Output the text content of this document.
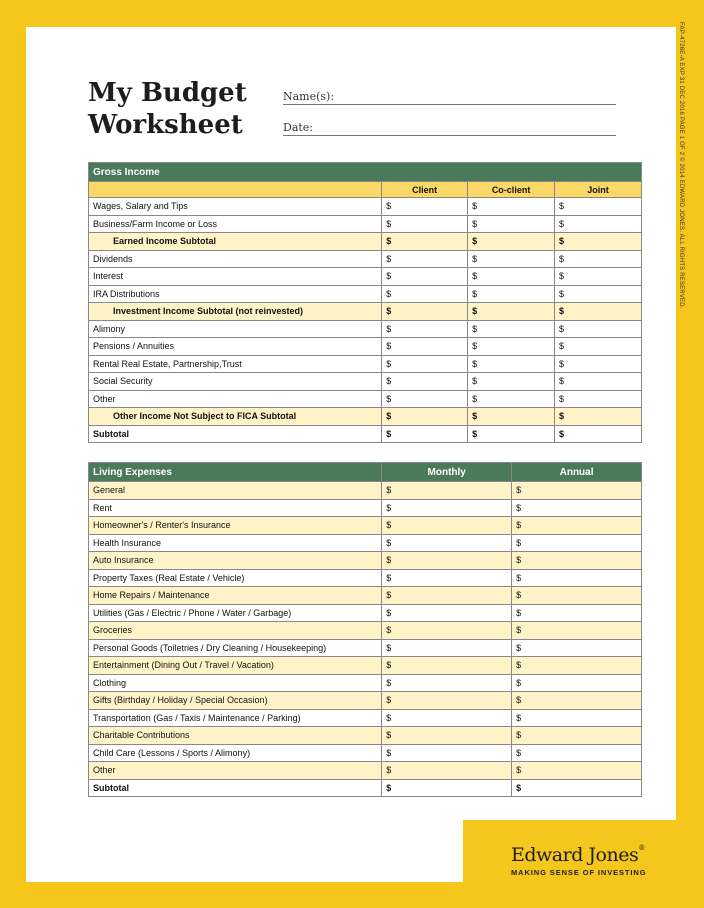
My Budget
Worksheet
Name(s):
Date:
Gross Income			
	Client	Co-client	Joint
Wages, Salary and Tips	$	$	$
Business/Farm Income or Loss	$	$	$
Earned Income Subtotal	$	$	$
Dividends	$	$	$
Interest	$	$	$
IRA Distributions	$	$	$
Investment Income Subtotal (not reinvested)	$	$	$
Alimony	$	$	$
Pensions / Annuities	$	$	$
Rental Real Estate, Partnership,Trust	$	$	$
Social Security	$	$	$
Other	$	$	$
Other Income Not Subject to FICA Subtotal	$	$	$
Subtotal	$	$	$
Living Expenses	Monthly	Annual
General	$	$
Rent	$	$
Homeowner's / Renter's Insurance	$	$
Health Insurance	$	$
Auto Insurance	$	$
Property Taxes (Real Estate / Vehicle)	$	$
Home Repairs / Maintenance	$	$
Utilities (Gas / Electric / Phone / Water / Garbage)	$	$
Groceries	$	$
Personal Goods (Toiletries / Dry Cleaning / Housekeeping)	$	$
Entertainment (Dining Out / Travel / Vacation)	$	$
Clothing	$	$
Gifts (Birthday / Holiday / Special Occasion)	$	$
Transportation (Gas / Taxis / Maintenance / Parking)	$	$
Charitable Contributions	$	$
Child Care (Lessons / Sports / Alimony)	$	$
Other	$	$
Subtotal	$	$
FAP-4726E-A EXP 31 DEC 2016 PAGE 1 OF 2 © 2014 EDWARD JONES. ALL RIGHTS RESERVED.
Edward Jones®
MAKING SENSE OF INVESTING
